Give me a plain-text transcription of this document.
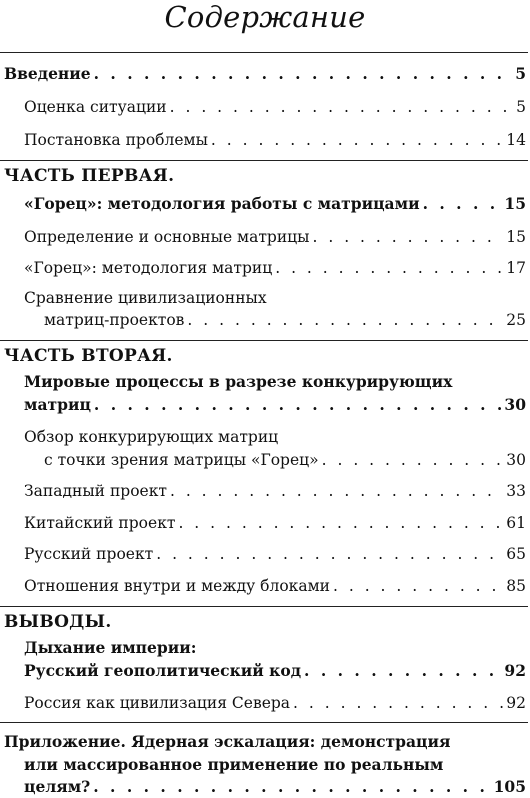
Содержание
Введение . . .	5
Оценка ситуации . . .	5
Постановка проблемы . . .	14
ЧАСТЬ ПЕРВАЯ.
«Горец»: методология работы с матрицами . . .	15
Определение и основные матрицы . . .	15
«Горец»: методология матриц . . .	17
Сравнение цивилизационных
матриц-проектов . . .	25
ЧАСТЬ ВТОРАЯ.
Мировые процессы в разрезе конкурирующих
матриц . . .	30
Обзор конкурирующих матриц
с точки зрения матрицы «Горец» . . .	30
Западный проект . . .	33
Китайский проект . . .	61
Русский проект . . .	65
Отношения внутри и между блоками . . .	85
ВЫВОДЫ.
Дыхание империи:
Русский геополитический код . . .	92
Россия как цивилизация Севера . . .	92
Приложение. Ядерная эскалация: демонстрация
или массированное применение по реальным
целям? . . .	105
